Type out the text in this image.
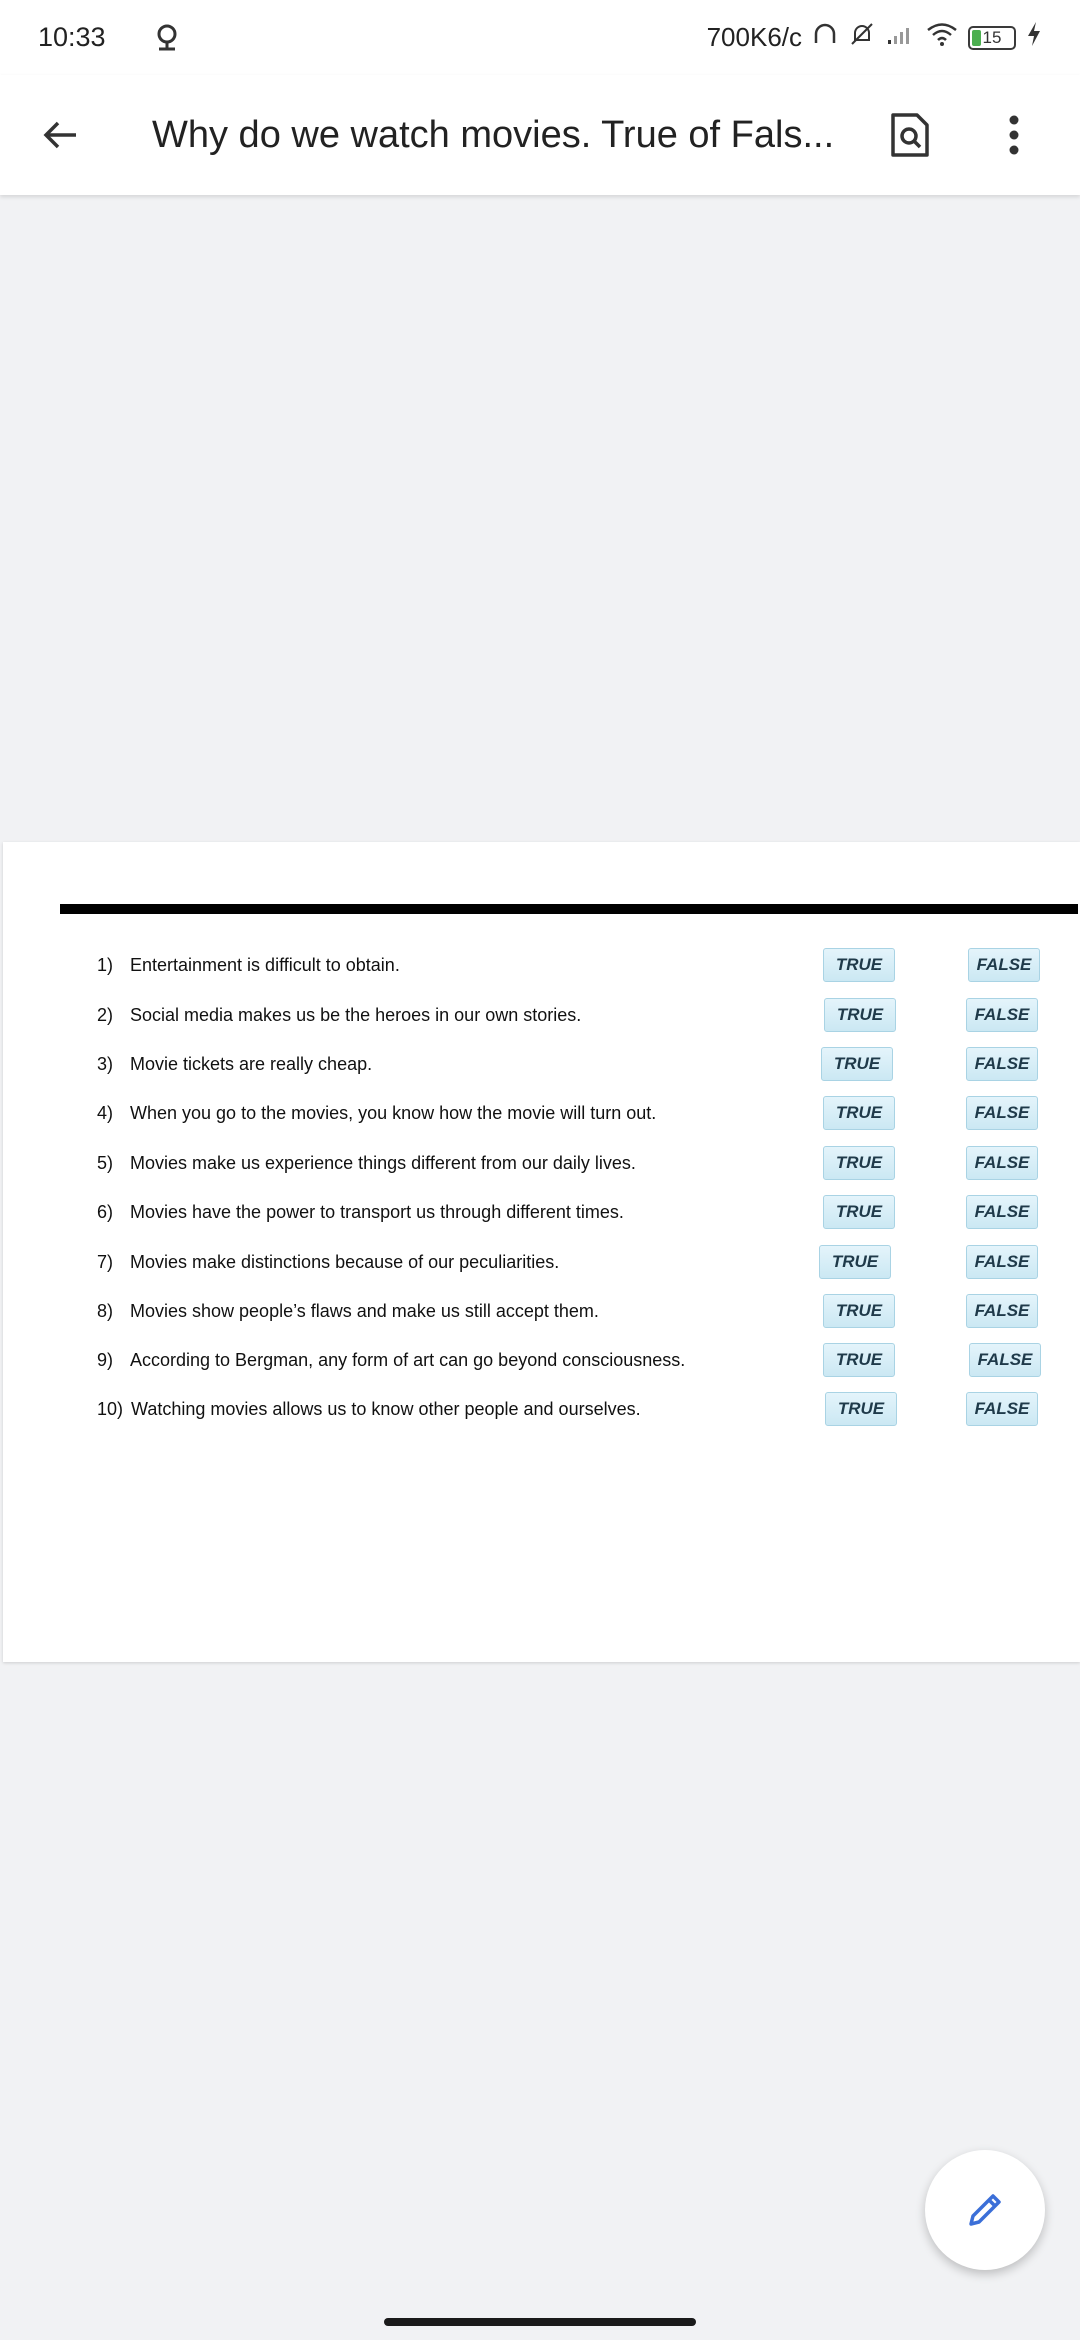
10:33	700K6/c	15
Why do we watch movies. True of Fals...
1) Entertainment is difficult to obtain.	TRUE	FALSE
2) Social media makes us be the heroes in our own stories.	TRUE	FALSE
3) Movie tickets are really cheap.	TRUE	FALSE
4) When you go to the movies, you know how the movie will turn out.	TRUE	FALSE
5) Movies make us experience things different from our daily lives.	TRUE	FALSE
6) Movies have the power to transport us through different times.	TRUE	FALSE
7) Movies make distinctions because of our peculiarities.	TRUE	FALSE
8) Movies show people’s flaws and make us still accept them.	TRUE	FALSE
9) According to Bergman, any form of art can go beyond consciousness.	TRUE	FALSE
10) Watching movies allows us to know other people and ourselves.	TRUE	FALSE
